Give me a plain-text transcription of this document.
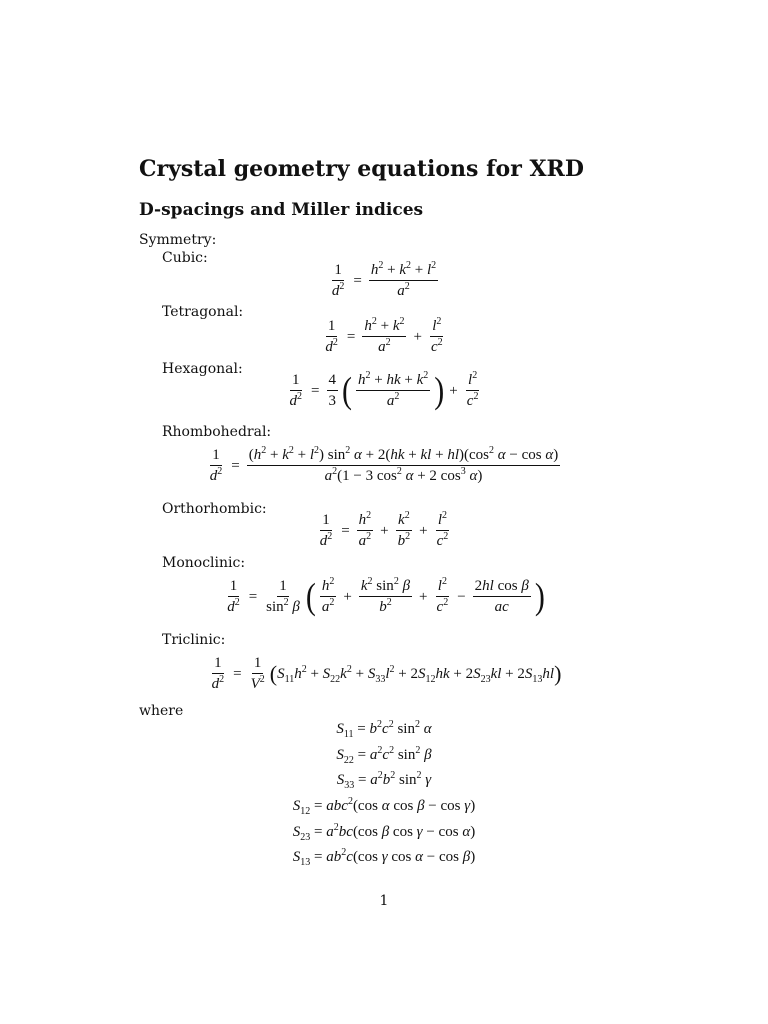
Crystal geometry equations for XRD
D-spacings and Miller indices
Symmetry:
Cubic:
$\frac{1}{d^2} = \frac{h^2 + k^2 + l^2}{a^2}$
Tetragonal:
$\frac{1}{d^2} = \frac{h^2 + k^2}{a^2} + \frac{l^2}{c^2}$
Hexagonal:
$\frac{1}{d^2} = \frac{4}{3}$ ( $\frac{h^2 + hk + k^2}{a^2}$ ) + $\frac{l^2}{c^2}$
Rhombohedral:
$\frac{1}{d^2} = \frac{(h^2 + k^2 + l^2) \sin^2 \alpha + 2(hk + kl + hl)(\cos^2 \alpha - \cos \alpha)}{a^2(1 - 3 \cos^2 \alpha + 2 \cos^3 \alpha)}$
Orthorhombic:
$\frac{1}{d^2} = \frac{h^2}{a^2} + \frac{k^2}{b^2} + \frac{l^2}{c^2}$
Monoclinic:
$\frac{1}{d^2} = \frac{1}{\sin^2 \beta}$ ( $\frac{h^2}{a^2} + \frac{k^2 \sin^2 \beta}{b^2} + \frac{l^2}{c^2} - \frac{\text{2hl cos β}}{ac}$ )
Triclinic:
$\frac{1}{d^2} = \frac{1}{V^2}$ ( $S_{11}h^2 + S_{22}k^2 + S_{33}l^2 + 2S_{12}hk + 2S_{23}kl + 2S_{13}hl$ )
where
$S_{11} = b^2c^2$ $\sin^2 \alpha$
$S_{22} = a^2c^2$ $\sin^2 \beta$
$S_{33} = a^2b^2$ $\sin^2 \gamma$
$S_{12} = abc^2(\cos$ α cos β − cos γ)
$S_{23} = a^2bc(\cos$ β cos γ − cos α)
$S_{13} = ab^2c(\cos$ γ cos α − cos β)
1
